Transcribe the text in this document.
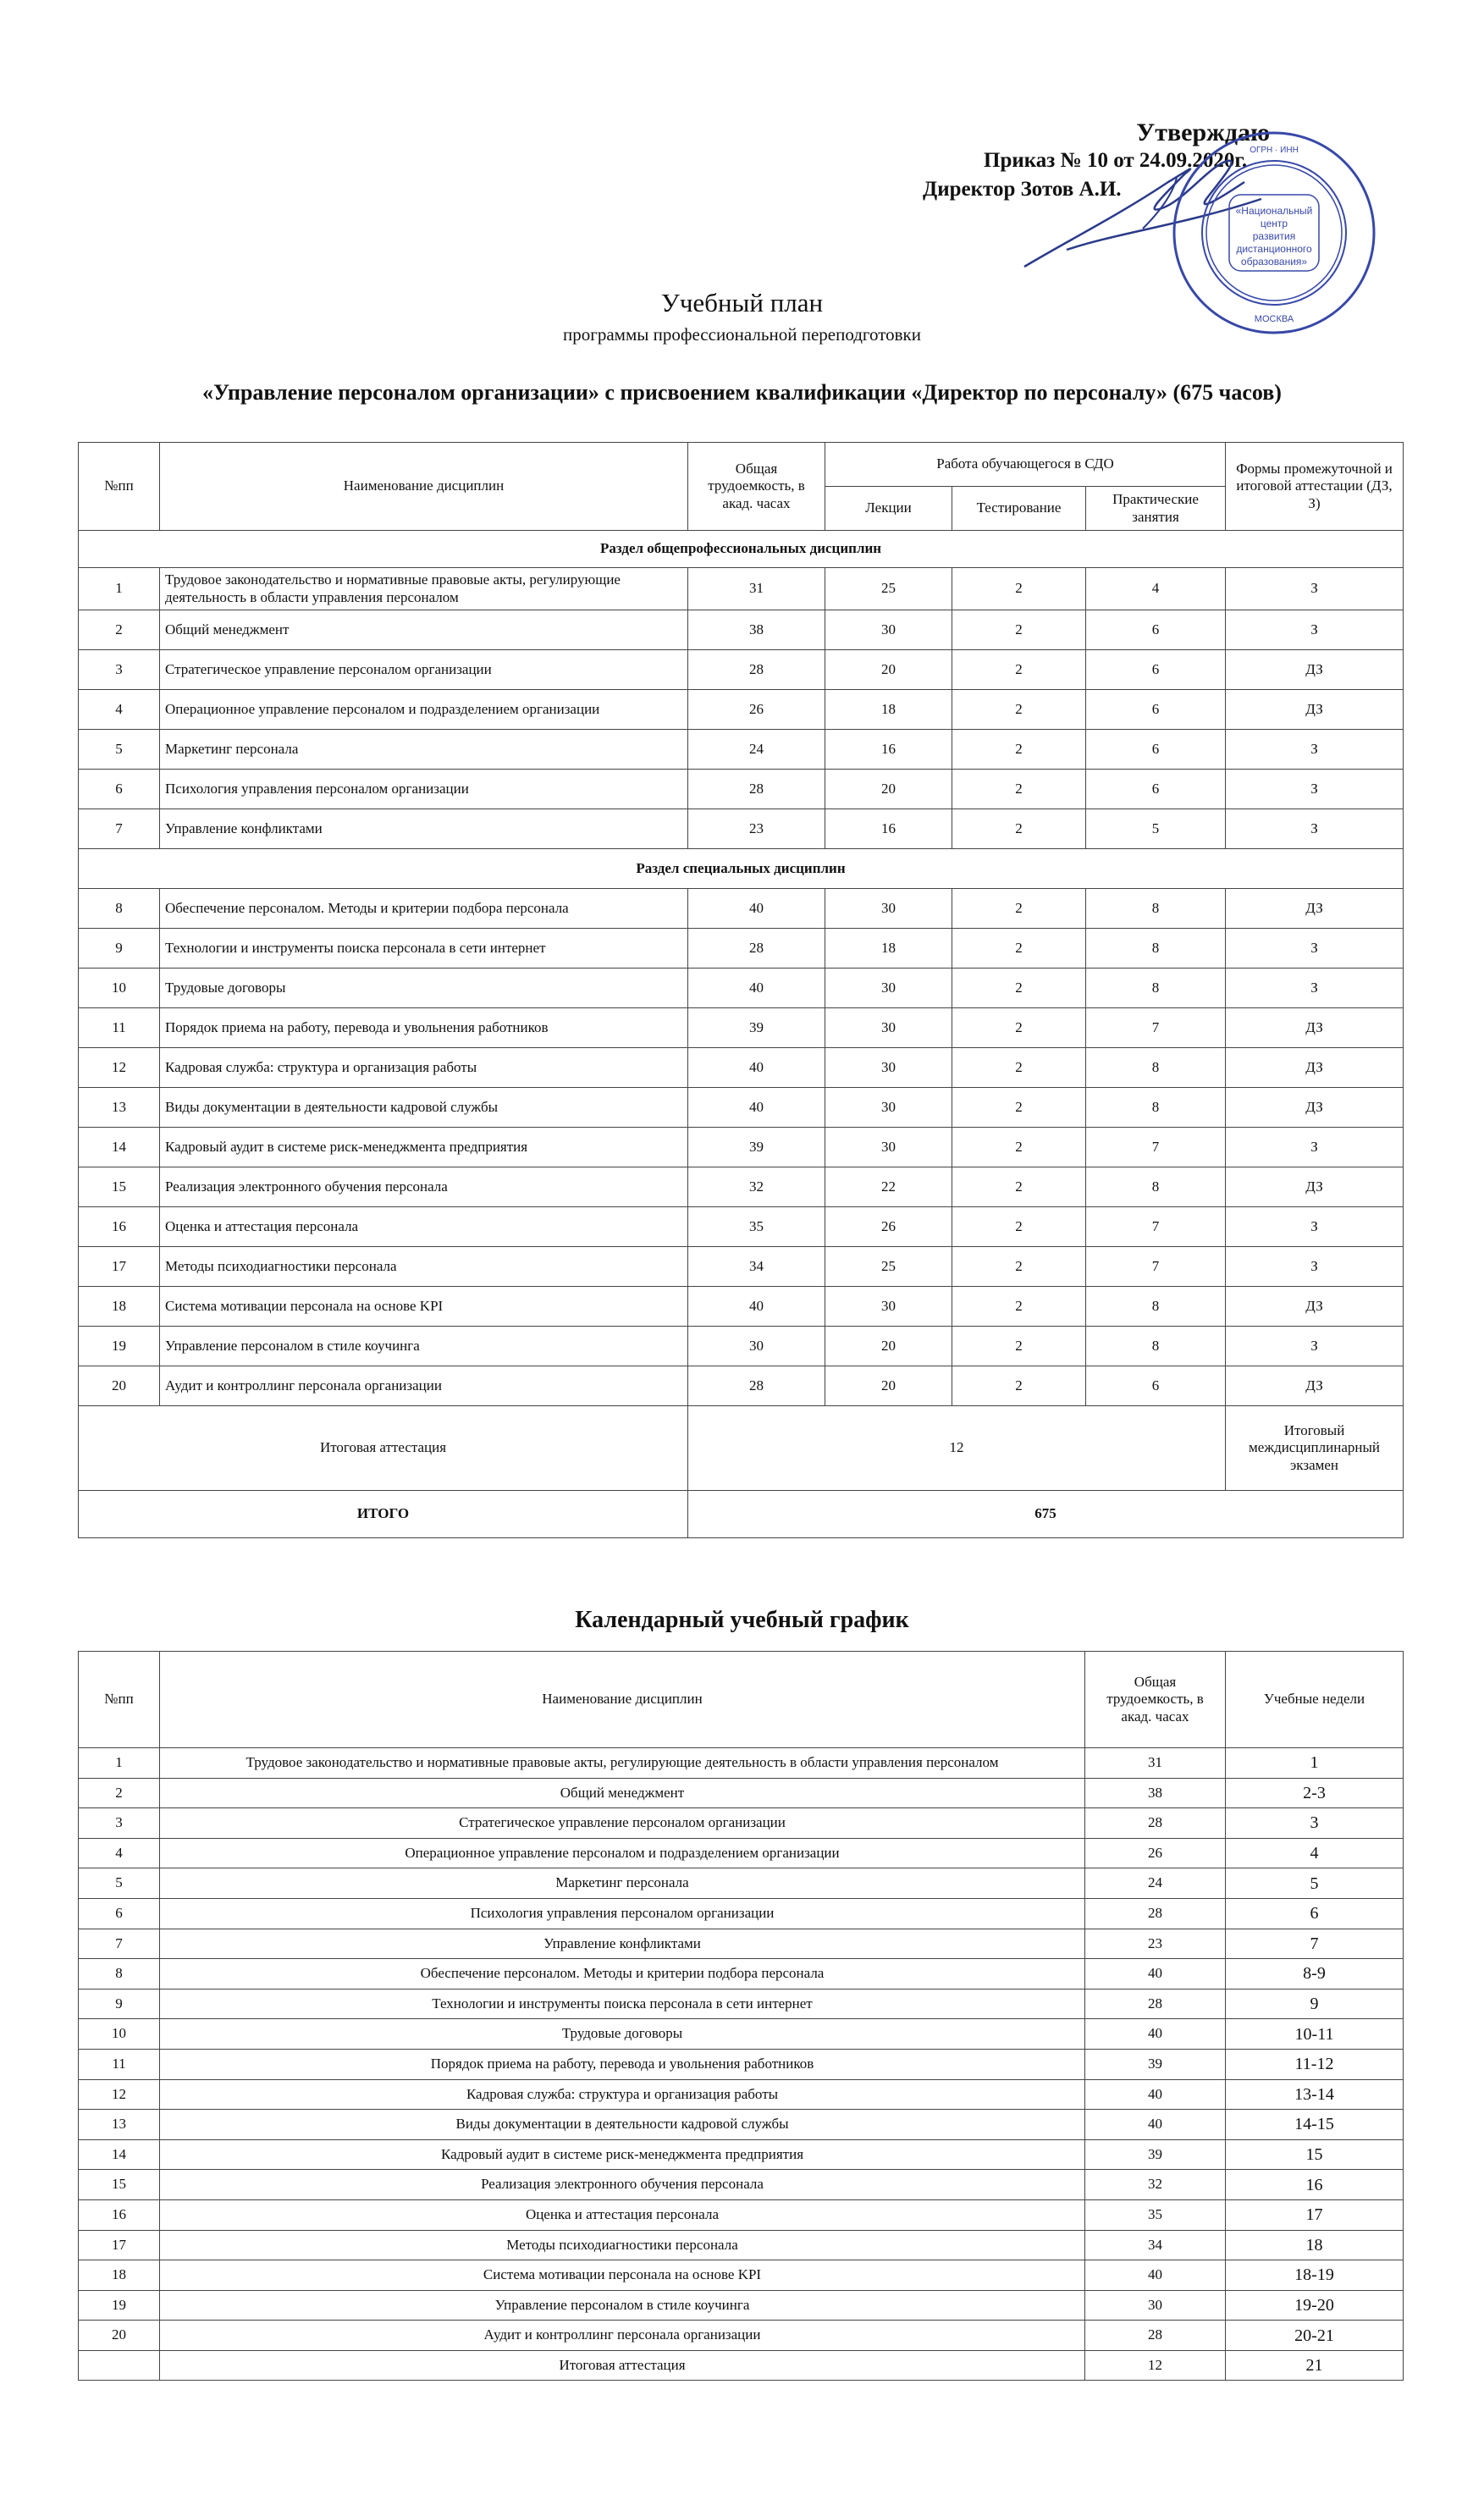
Утверждаю
Приказ № 10 от 24.09.2020г.
Директор Зотов А.И.
«Национальный
центр
развития
дистанционного
образования»
МОСКВА
ОГРН · ИНН
Учебный план
программы профессиональной переподготовки
«Управление персоналом организации» с присвоением квалификации «Директор по персоналу» (675 часов)
№пп	Наименование дисциплин	Общая трудоемкость, в акад. часах	Работа обучающегося в СДО			Формы промежуточной и итоговой аттестации (ДЗ, З)
			Лекции	Тестирование	Практические занятия	
Раздел общепрофессиональных дисциплин						
1	Трудовое законодательство и нормативные правовые акты, регулирующие деятельность в области управления персоналом	31	25	2	4	З
2	Общий менеджмент	38	30	2	6	З
3	Стратегическое управление персоналом организации	28	20	2	6	ДЗ
4	Операционное управление персоналом и подразделением организации	26	18	2	6	ДЗ
5	Маркетинг персонала	24	16	2	6	З
6	Психология управления персоналом организации	28	20	2	6	З
7	Управление конфликтами	23	16	2	5	З
Раздел специальных дисциплин						
8	Обеспечение персоналом. Методы и критерии подбора персонала	40	30	2	8	ДЗ
9	Технологии и инструменты поиска персонала в сети интернет	28	18	2	8	З
10	Трудовые договоры	40	30	2	8	З
11	Порядок приема на работу, перевода и увольнения работников	39	30	2	7	ДЗ
12	Кадровая служба: структура и организация работы	40	30	2	8	ДЗ
13	Виды документации в деятельности кадровой службы	40	30	2	8	ДЗ
14	Кадровый аудит в системе риск-менеджмента предприятия	39	30	2	7	З
15	Реализация электронного обучения персонала	32	22	2	8	ДЗ
16	Оценка и аттестация персонала	35	26	2	7	З
17	Методы психодиагностики персонала	34	25	2	7	З
18	Система мотивации персонала на основе KPI	40	30	2	8	ДЗ
19	Управление персоналом в стиле коучинга	30	20	2	8	З
20	Аудит и контроллинг персонала организации	28	20	2	6	ДЗ
Итоговая аттестация		12				Итоговый междисциплинарный экзамен
ИТОГО		675				
Календарный учебный график
№пп	Наименование дисциплин	Общая трудоемкость, в акад. часах	Учебные недели
1	Трудовое законодательство и нормативные правовые акты, регулирующие деятельность в области управления персоналом	31	1
2	Общий менеджмент	38	2-3
3	Стратегическое управление персоналом организации	28	3
4	Операционное управление персоналом и подразделением организации	26	4
5	Маркетинг персонала	24	5
6	Психология управления персоналом организации	28	6
7	Управление конфликтами	23	7
8	Обеспечение персоналом. Методы и критерии подбора персонала	40	8-9
9	Технологии и инструменты поиска персонала в сети интернет	28	9
10	Трудовые договоры	40	10-11
11	Порядок приема на работу, перевода и увольнения работников	39	11-12
12	Кадровая служба: структура и организация работы	40	13-14
13	Виды документации в деятельности кадровой службы	40	14-15
14	Кадровый аудит в системе риск-менеджмента предприятия	39	15
15	Реализация электронного обучения персонала	32	16
16	Оценка и аттестация персонала	35	17
17	Методы психодиагностики персонала	34	18
18	Система мотивации персонала на основе KPI	40	18-19
19	Управление персоналом в стиле коучинга	30	19-20
20	Аудит и контроллинг персонала организации	28	20-21
	Итоговая аттестация	12	21
